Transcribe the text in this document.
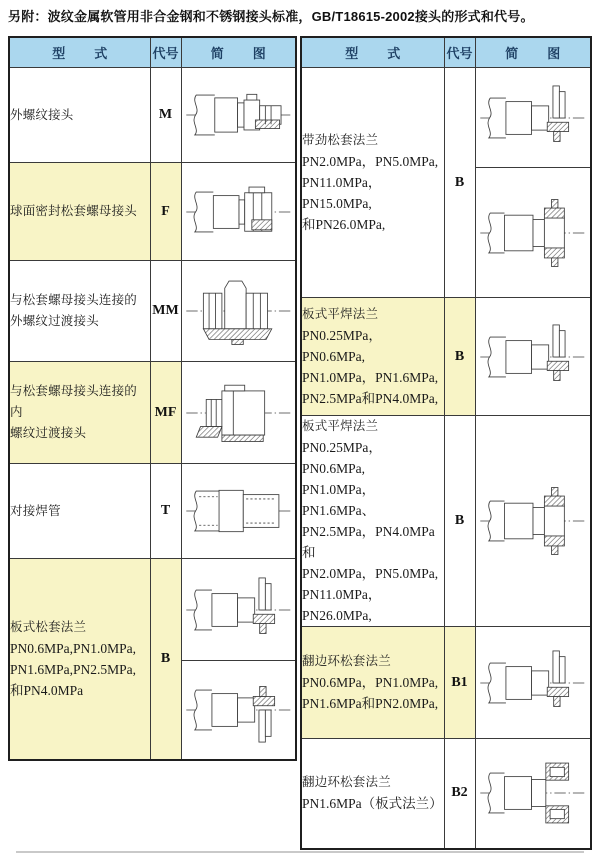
另附：波纹金属软管用非合金钢和不锈钢接头标准，GB/T18615-2002接头的形式和代号。
型        式	代号	简        图

外螺纹接头	M	

球面密封松套螺母接头	F	

与松套螺母接头连接的
外螺纹过渡接头	MM	

与松套螺母接头连接的内
螺纹过渡接头	MF	

对接焊管	T	

板式松套法兰
PN0.6MPa,PN1.0MPa,
PN1.6MPa,PN2.5MPa,
和PN4.0MPa	B	

型        式	代号	简        图

带劲松套法兰
PN2.0MPa，PN5.0MPa,
PN11.0MPa，PN15.0MPa,
和PN26.0MPa,	B	

板式平焊法兰
PN0.25MPa，PN0.6MPa,
PN1.0MPa，PN1.6MPa,
PN2.5MPa和PN4.0MPa,	B	

板式平焊法兰
PN0.25MPa，PN0.6MPa,
PN1.0MPa，PN1.6MPa、
PN2.5MPa，PN4.0MPa和
PN2.0MPa，PN5.0MPa,
PN11.0MPa，PN26.0MPa,
	B	

翻边环松套法兰
PN0.6MPa，PN1.0MPa,
PN1.6MPa和PN2.0MPa,	B1	

翻边环松套法兰
PN1.6MPa（板式法兰）	B2	
